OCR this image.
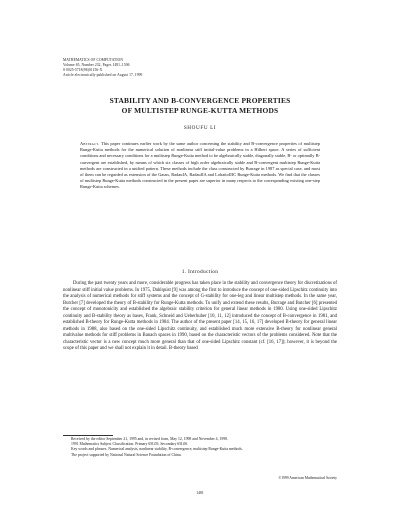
MATHEMATICS OF COMPUTATION
Volume 65, Number 232, Pages 1481–1506
S 0025-5718(96)01156-X
Article electronically published on August 17, 1999
STABILITY AND B-CONVERGENCE PROPERTIES
OF MULTISTEP RUNGE-KUTTA METHODS
SHOUFU LI
Abstract. This paper continues earlier work by the same author concerning the stability and B-convergence properties of multistep Runge-Kutta methods for the numerical solution of nonlinear stiff initial-value problems in a Hilbert space. A series of sufficient conditions and necessary conditions for a multistep Runge-Kutta method to be algebraically stable, diagonally stable, B- or optimally B-convergent are established, by means of which six classes of high order algebraically stable and B-convergent multistep Runge-Kutta methods are constructed in a unified pattern. These methods include the class constructed by Burrage in 1987 as special case, and most of them can be regarded as extension of the Gauss, RadauIA, RadauIIA and LobattoIIIC Runge-Kutta methods. We find that the classes of multistep Runge-Kutta methods constructed in the present paper are superior in many respects to the corresponding existing one-step Runge-Kutta schemes.
1. Introduction
During the past twenty years and more, considerable progress has taken place in the stability and convergence theory for discretizations of nonlinear stiff initial value problems. In 1975, Dahlquist [9] was among the first to introduce the concept of one-sided Lipschitz continuity into the analysis of numerical methods for stiff systems and the concept of G-stability for one-leg and linear multistep methods. In the same year, Butcher [7] developed the theory of B-stability for Runge-Kutta methods. To unify and extend these results, Burrage and Butcher [6] presented the concept of monotonicity and established the algebraic stability criterion for general linear methods in 1980. Using one-sided Lipschitz continuity and B-stability theory as bases, Frank, Schneid and Ueberhuber [10, 11, 12] introduced the concept of B-convergence in 1981, and established B-theory for Runge-Kutta methods in 1984. The author of the present paper [14, 15, 16, 17] developed B-theory for general linear methods in 1988, also based on the one-sided Lipschitz continuity, and established much more extensive B-theory for nonlinear general multivalue methods for stiff problems in Banach spaces in 1990, based on the characteristic vectors of the problems considered. Note that the characteristic vector is a new concept much more general than that of one-sided Lipschitz constant (cf. [16, 17]); however, it is beyond the scope of this paper and we shall not explain it in detail. B-theory based

Received by the editor September 21, 1995 and, in revised form, May 12, 1998 and November 4, 1998.

1991 Mathematics Subject Classification. Primary 65L05; Secondary 65L06.

Key words and phrases. Numerical analysis, nonlinear stability, B-convergence, multistep Runge-Kutta methods.

The project supported by National Natural Science Foundation of China.

©1999 American Mathematical Society
1481
